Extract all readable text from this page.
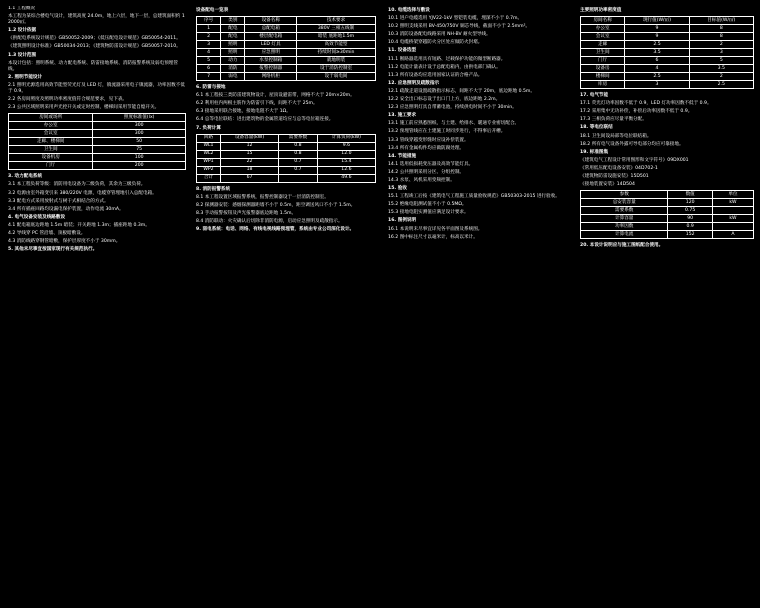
1.1 工程概况

本工程为某综合楼电气设计，建筑高度 24.0m，地上六层，地下一层，总建筑面积约 12000㎡。

1.2 设计依据

《供配电系统设计规范》GB50052-2009；《低压配电设计规范》GB50054-2011。

《建筑照明设计标准》GB50034-2013；《建筑物防雷设计规范》GB50057-2010。

1.3 设计范围

本设计包括：照明系统、动力配电系统、防雷接地系统、消防报警系统及弱电预埋管线。

2. 照明节能设计

2.1 照明光源选用高效节能型荧光灯及 LED 灯，镇流器采用电子镇流器，功率因数不低于 0.9。

2.2 各房间照度及照明功率密度值符合规范要求，见下表。

2.3 公共区域照明采用声光控开关或定时控制，楼梯间采用节能自熄开关。

房间或场所	照度标准值(lx)
办公室	300
会议室	300
走廊、楼梯间	50
卫生间	75
设备机房	100
门厅	200

3. 动力配电系统

3.1 本工程负荷等级：消防用电设备为二级负荷，其余为三级负荷。

3.2 电源由室外箱变引来 380/220V 电源，电缆穿管埋地引入总配电箱。

3.3 配电方式采用放射式与树干式相结合的方式。

3.4 所有插座回路均设漏电保护装置，动作电流 30mA。

4. 电气设备安装及线路敷设

4.1 配电箱底边距地 1.5m 暗装；开关距地 1.3m；插座距地 0.3m。

4.2 导线穿 PC 管沿墙、顶板暗敷设。

4.3 消防线路穿钢管暗敷，保护层厚度不小于 30mm。

5. 其他未尽事宜按国家现行有关规范执行。

设备配电一览表

序号	类别	设备名称	技术要求
1	配电	总配电箱	380V 三相五线制
2	配电	楼层配电箱	暗装 底距地1.5m
3	照明	LED 灯具	高效节能型
4	照明	应急照明	持续时间≥30min
5	动力	水泵控制箱	就地明装
6	消防	报警控制器	设于消防控制室
7	弱电	网络机柜	设于弱电间

6. 防雷与接地

6.1 本工程按三类防雷建筑物设计，屋顶设避雷带，网格不大于 20m×20m。

6.2 利用柱内两根主筋作为防雷引下线，间距不大于 25m。

6.3 接地采用联合接地，接地电阻不大于 1Ω。

6.4 总等电位联结：进出建筑物的金属管道均应与总等电位箱连接。

7. 负荷计算

回路	设备容量(kW)	需要系数	计算负荷(kW)
WL1	12	0.8	9.6
WL2	15	0.8	12.0
WP1	22	0.7	15.4
WP2	18	0.7	12.6
合计	67		49.6

8. 消防报警系统

8.1 本工程设置区域报警系统，报警控制器设于一层消防控制室。

8.2 探测器安装：感烟探测器距墙不小于 0.5m，距空调送风口不小于 1.5m。

8.3 手动报警按钮及声光报警器底边距地 1.5m。

8.4 消防联动：火灾确认后切除非消防电源，启动应急照明及疏散指示。

9. 弱电系统：电话、网络、有线电视线路预埋管，系统由专业公司深化设计。

10. 电缆选择与敷设

10.1 进户电缆选用 YJV22-1kV 型铠装电缆，埋深不小于 0.7m。

10.2 照明支线采用 BV-450/750V 铜芯导线，截面不小于 2.5mm²。

10.3 消防设备配电线路采用 NH-BV 耐火型导线。

10.4 电缆桥架穿越防火分区处应做防火封堵。

11. 设备选型

11.1 断路器选用具有短路、过载保护功能的微型断路器。

11.2 电能计量表计设于总配电箱内，由供电部门确认。

11.3 所有设备均应选用国家认证的合格产品。

12. 应急照明及疏散指示

12.1 疏散走道设置疏散指示标志，间距不大于 20m，底边距地 0.5m。

12.2 安全出口标志设于出口门上方，底边距地 2.2m。

12.3 应急照明灯具自带蓄电池，持续供电时间不小于 30min。

13. 施工要求

13.1 施工前应熟悉图纸，与土建、给排水、暖通专业密切配合。

13.2 预埋管线应在土建施工时同步进行，不得事后开槽。

13.3 管线穿越变形缝时应设补偿装置。

13.4 所有金属构件均应做防腐处理。

14. 节能措施

14.1 选用低损耗变压器及高效节能灯具。

14.2 公共照明采用分区、分组控制。

14.3 水泵、风机采用变频控制。

15. 验收

15.1 工程竣工后按《建筑电气工程施工质量验收规范》GB50303-2015 进行验收。

15.2 绝缘电阻测试值不小于 0.5MΩ。

15.3 接地电阻实测值应满足设计要求。

16. 图例说明

16.1 本说明未尽事宜详见各平面图及系统图。

16.2 图中标注尺寸以毫米计，标高以米计。

主要照明功率密度值

房间名称	现行值(W/㎡)	目标值(W/㎡)
办公室	9	8
会议室	9	8
走廊	2.5	2
卫生间	3.5	3
门厅	6	5
设备房	4	3.5
楼梯间	2.5	2
库房	3	2.5

17. 电气节能

17.1 荧光灯功率因数不低于 0.9，LED 灯功率因数不低于 0.9。

17.2 采用集中无功补偿，补偿后功率因数不低于 0.9。

17.3 三相负荷应尽量平衡分配。

18. 等电位联结

18.1 卫生间设局部等电位联结箱。

18.2 所有电气设备外露可导电部分均应可靠接地。

19. 标准图集

《建筑电气工程设计常用图形和文字符号》09DX001

《常用低压配电设备安装》04D702-1

《建筑物防雷设施安装》15D501

《接地装置安装》14D504

参数	数值	单位
总安装容量	120	kW
需要系数	0.75	
计算容量	90	kW
功率因数	0.9	
计算电流	152	A

20. 本设计说明应与施工图纸配合使用。
